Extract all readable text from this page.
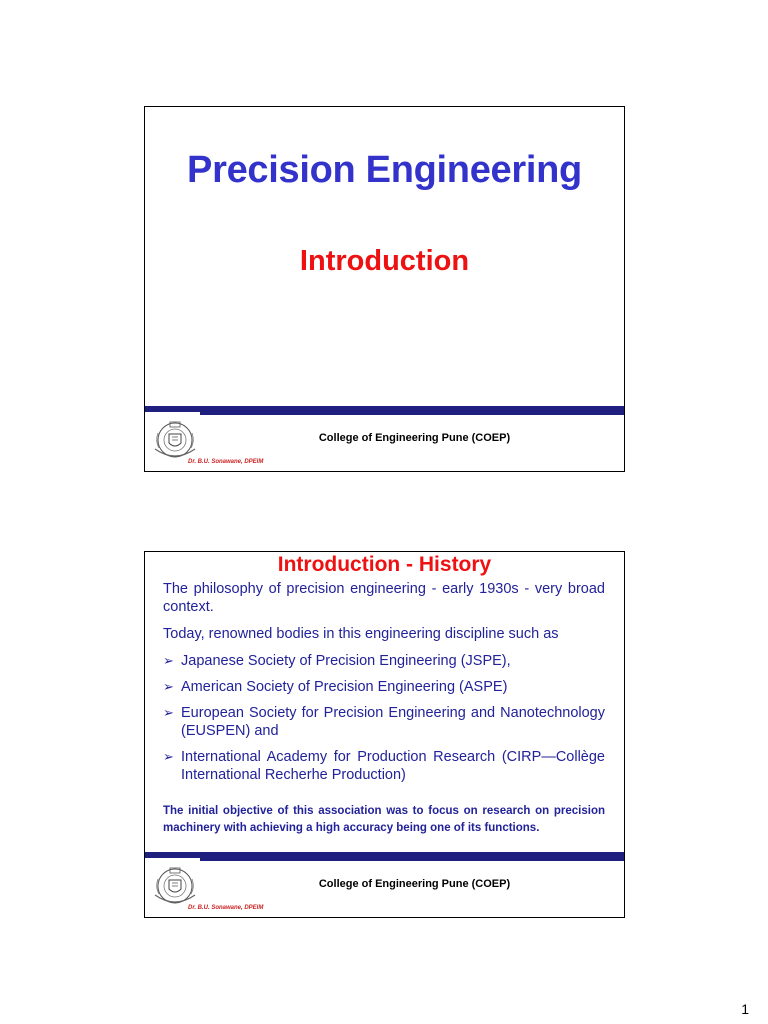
Precision Engineering
Introduction
College of Engineering Pune (COEP)
Dr. B.U. Sonawane, DPEIM
Introduction - History

The philosophy of precision engineering - early 1930s - very broad context.

Today, renowned bodies in this engineering discipline such as

➢ Japanese Society of Precision Engineering (JSPE),
➢ American Society of Precision Engineering (ASPE)
➢ European Society for Precision Engineering and Nanotechnology (EUSPEN) and
➢ International Academy for Production Research (CIRP—Collège International Recherhe Production)
The initial objective of this association was to focus on research on precision machinery with achieving a high accuracy being one of its functions.
College of Engineering Pune (COEP)
Dr. B.U. Sonawane, DPEIM
1
